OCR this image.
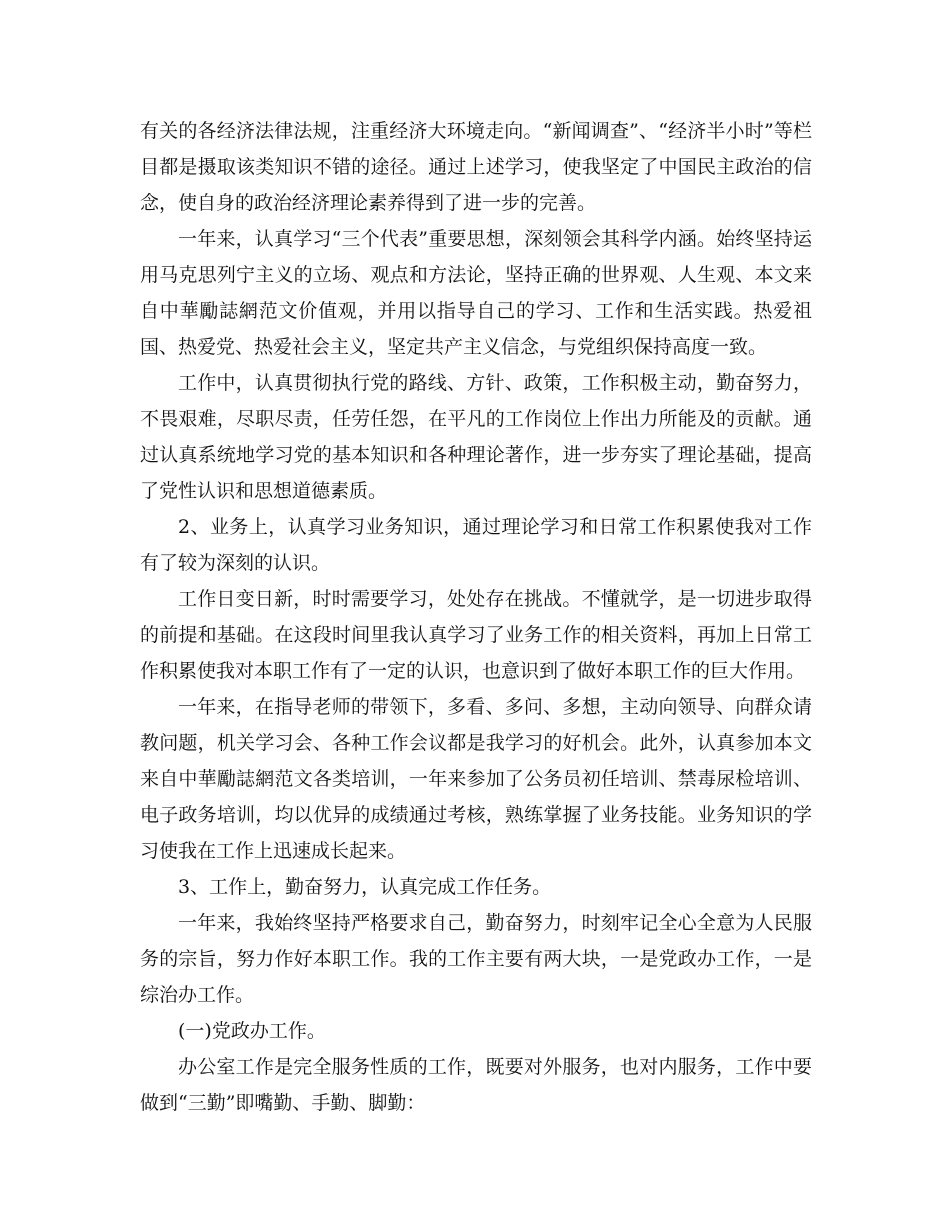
有关的各经济法律法规，注重经济大环境走向。“新闻调查”、“经济半小时”等栏目都是摄取该类知识不错的途径。通过上述学习，使我坚定了中国民主政治的信念，使自身的政治经济理论素养得到了进一步的完善。

一年来，认真学习“三个代表”重要思想，深刻领会其科学内涵。始终坚持运用马克思列宁主义的立场、观点和方法论，坚持正确的世界观、人生观、本文来自中華勵誌網范文价值观，并用以指导自己的学习、工作和生活实践。热爱祖国、热爱党、热爱社会主义，坚定共产主义信念，与党组织保持高度一致。

工作中，认真贯彻执行党的路线、方针、政策，工作积极主动，勤奋努力，不畏艰难，尽职尽责，任劳任怨，在平凡的工作岗位上作出力所能及的贡献。通过认真系统地学习党的基本知识和各种理论著作，进一步夯实了理论基础，提高了党性认识和思想道德素质。

2、业务上，认真学习业务知识，通过理论学习和日常工作积累使我对工作有了较为深刻的认识。

工作日变日新，时时需要学习，处处存在挑战。不懂就学，是一切进步取得的前提和基础。在这段时间里我认真学习了业务工作的相关资料，再加上日常工作积累使我对本职工作有了一定的认识，也意识到了做好本职工作的巨大作用。

一年来，在指导老师的带领下，多看、多问、多想，主动向领导、向群众请教问题，机关学习会、各种工作会议都是我学习的好机会。此外，认真参加本文来自中華勵誌網范文各类培训，一年来参加了公务员初任培训、禁毒尿检培训、电子政务培训，均以优异的成绩通过考核，熟练掌握了业务技能。业务知识的学习使我在工作上迅速成长起来。

3、工作上，勤奋努力，认真完成工作任务。

一年来，我始终坚持严格要求自己，勤奋努力，时刻牢记全心全意为人民服务的宗旨，努力作好本职工作。我的工作主要有两大块，一是党政办工作，一是综治办工作。

(一)党政办工作。

办公室工作是完全服务性质的工作，既要对外服务，也对内服务，工作中要做到“三勤”即嘴勤、手勤、脚勤：
